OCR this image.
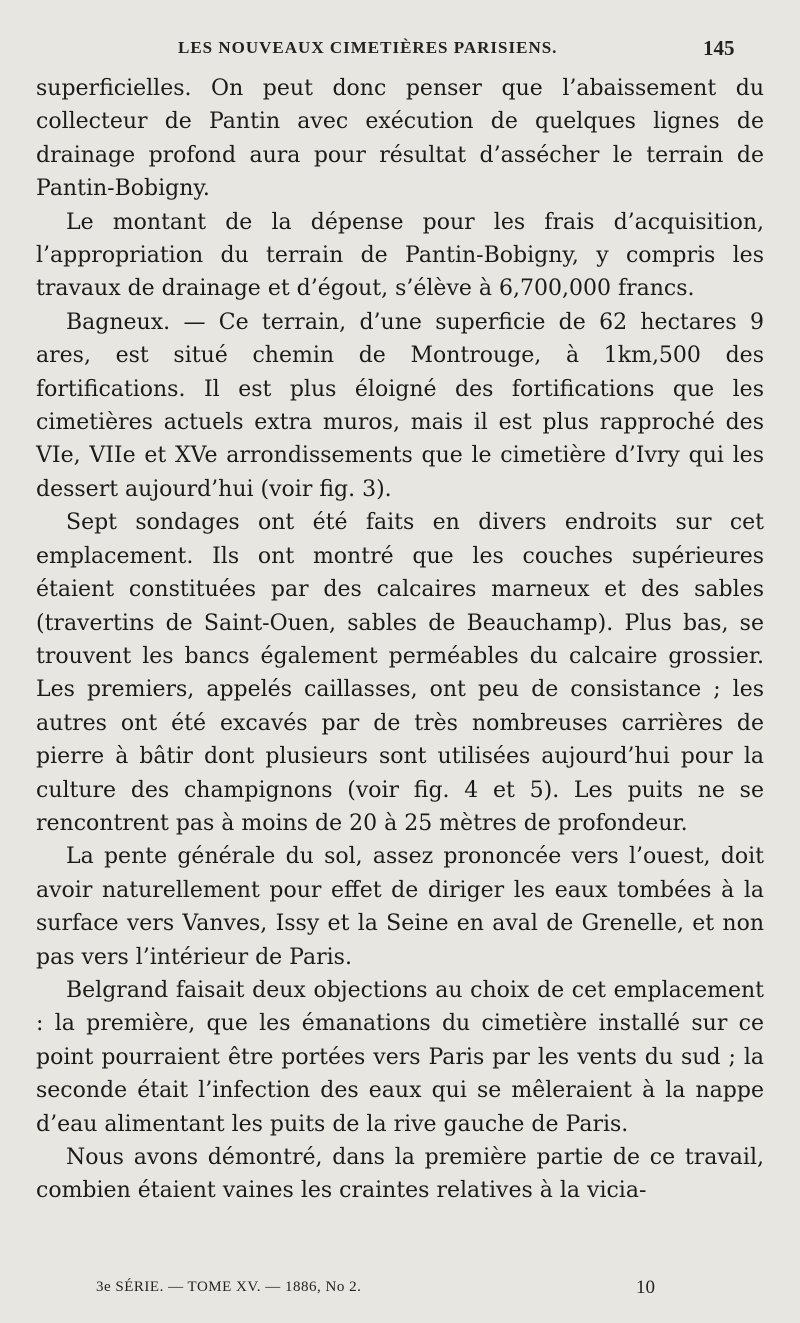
LES NOUVEAUX CIMETIÈRES PARISIENS.	145

superficielles. On peut donc penser que l’abaissement du collecteur de Pantin avec exécution de quelques lignes de drainage profond aura pour résultat d’assécher le terrain de Pantin-Bobigny.

Le montant de la dépense pour les frais d’acquisition, l’appropriation du terrain de Pantin-Bobigny, y compris les travaux de drainage et d’égout, s’élève à 6,700,000 francs.

Bagneux. — Ce terrain, d’une superficie de 62 hectares 9 ares, est situé chemin de Montrouge, à 1km,500 des fortifications. Il est plus éloigné des fortifications que les cimetières actuels extra muros, mais il est plus rapproché des VIe, VIIe et XVe arrondissements que le cimetière d’Ivry qui les dessert aujourd’hui (voir fig. 3).

Sept sondages ont été faits en divers endroits sur cet emplacement. Ils ont montré que les couches supérieures étaient constituées par des calcaires marneux et des sables (travertins de Saint-Ouen, sables de Beauchamp). Plus bas, se trouvent les bancs également perméables du calcaire grossier. Les premiers, appelés caillasses, ont peu de consistance ; les autres ont été excavés par de très nombreuses carrières de pierre à bâtir dont plusieurs sont utilisées aujourd’hui pour la culture des champignons (voir fig. 4 et 5). Les puits ne se rencontrent pas à moins de 20 à 25 mètres de profondeur.

La pente générale du sol, assez prononcée vers l’ouest, doit avoir naturellement pour effet de diriger les eaux tombées à la surface vers Vanves, Issy et la Seine en aval de Grenelle, et non pas vers l’intérieur de Paris.

Belgrand faisait deux objections au choix de cet emplacement : la première, que les émanations du cimetière installé sur ce point pourraient être portées vers Paris par les vents du sud ; la seconde était l’infection des eaux qui se mêleraient à la nappe d’eau alimentant les puits de la rive gauche de Paris.

Nous avons démontré, dans la première partie de ce travail, combien étaient vaines les craintes relatives à la vicia-

3e SÉRIE. — TOME XV. — 1886, No 2.	10
